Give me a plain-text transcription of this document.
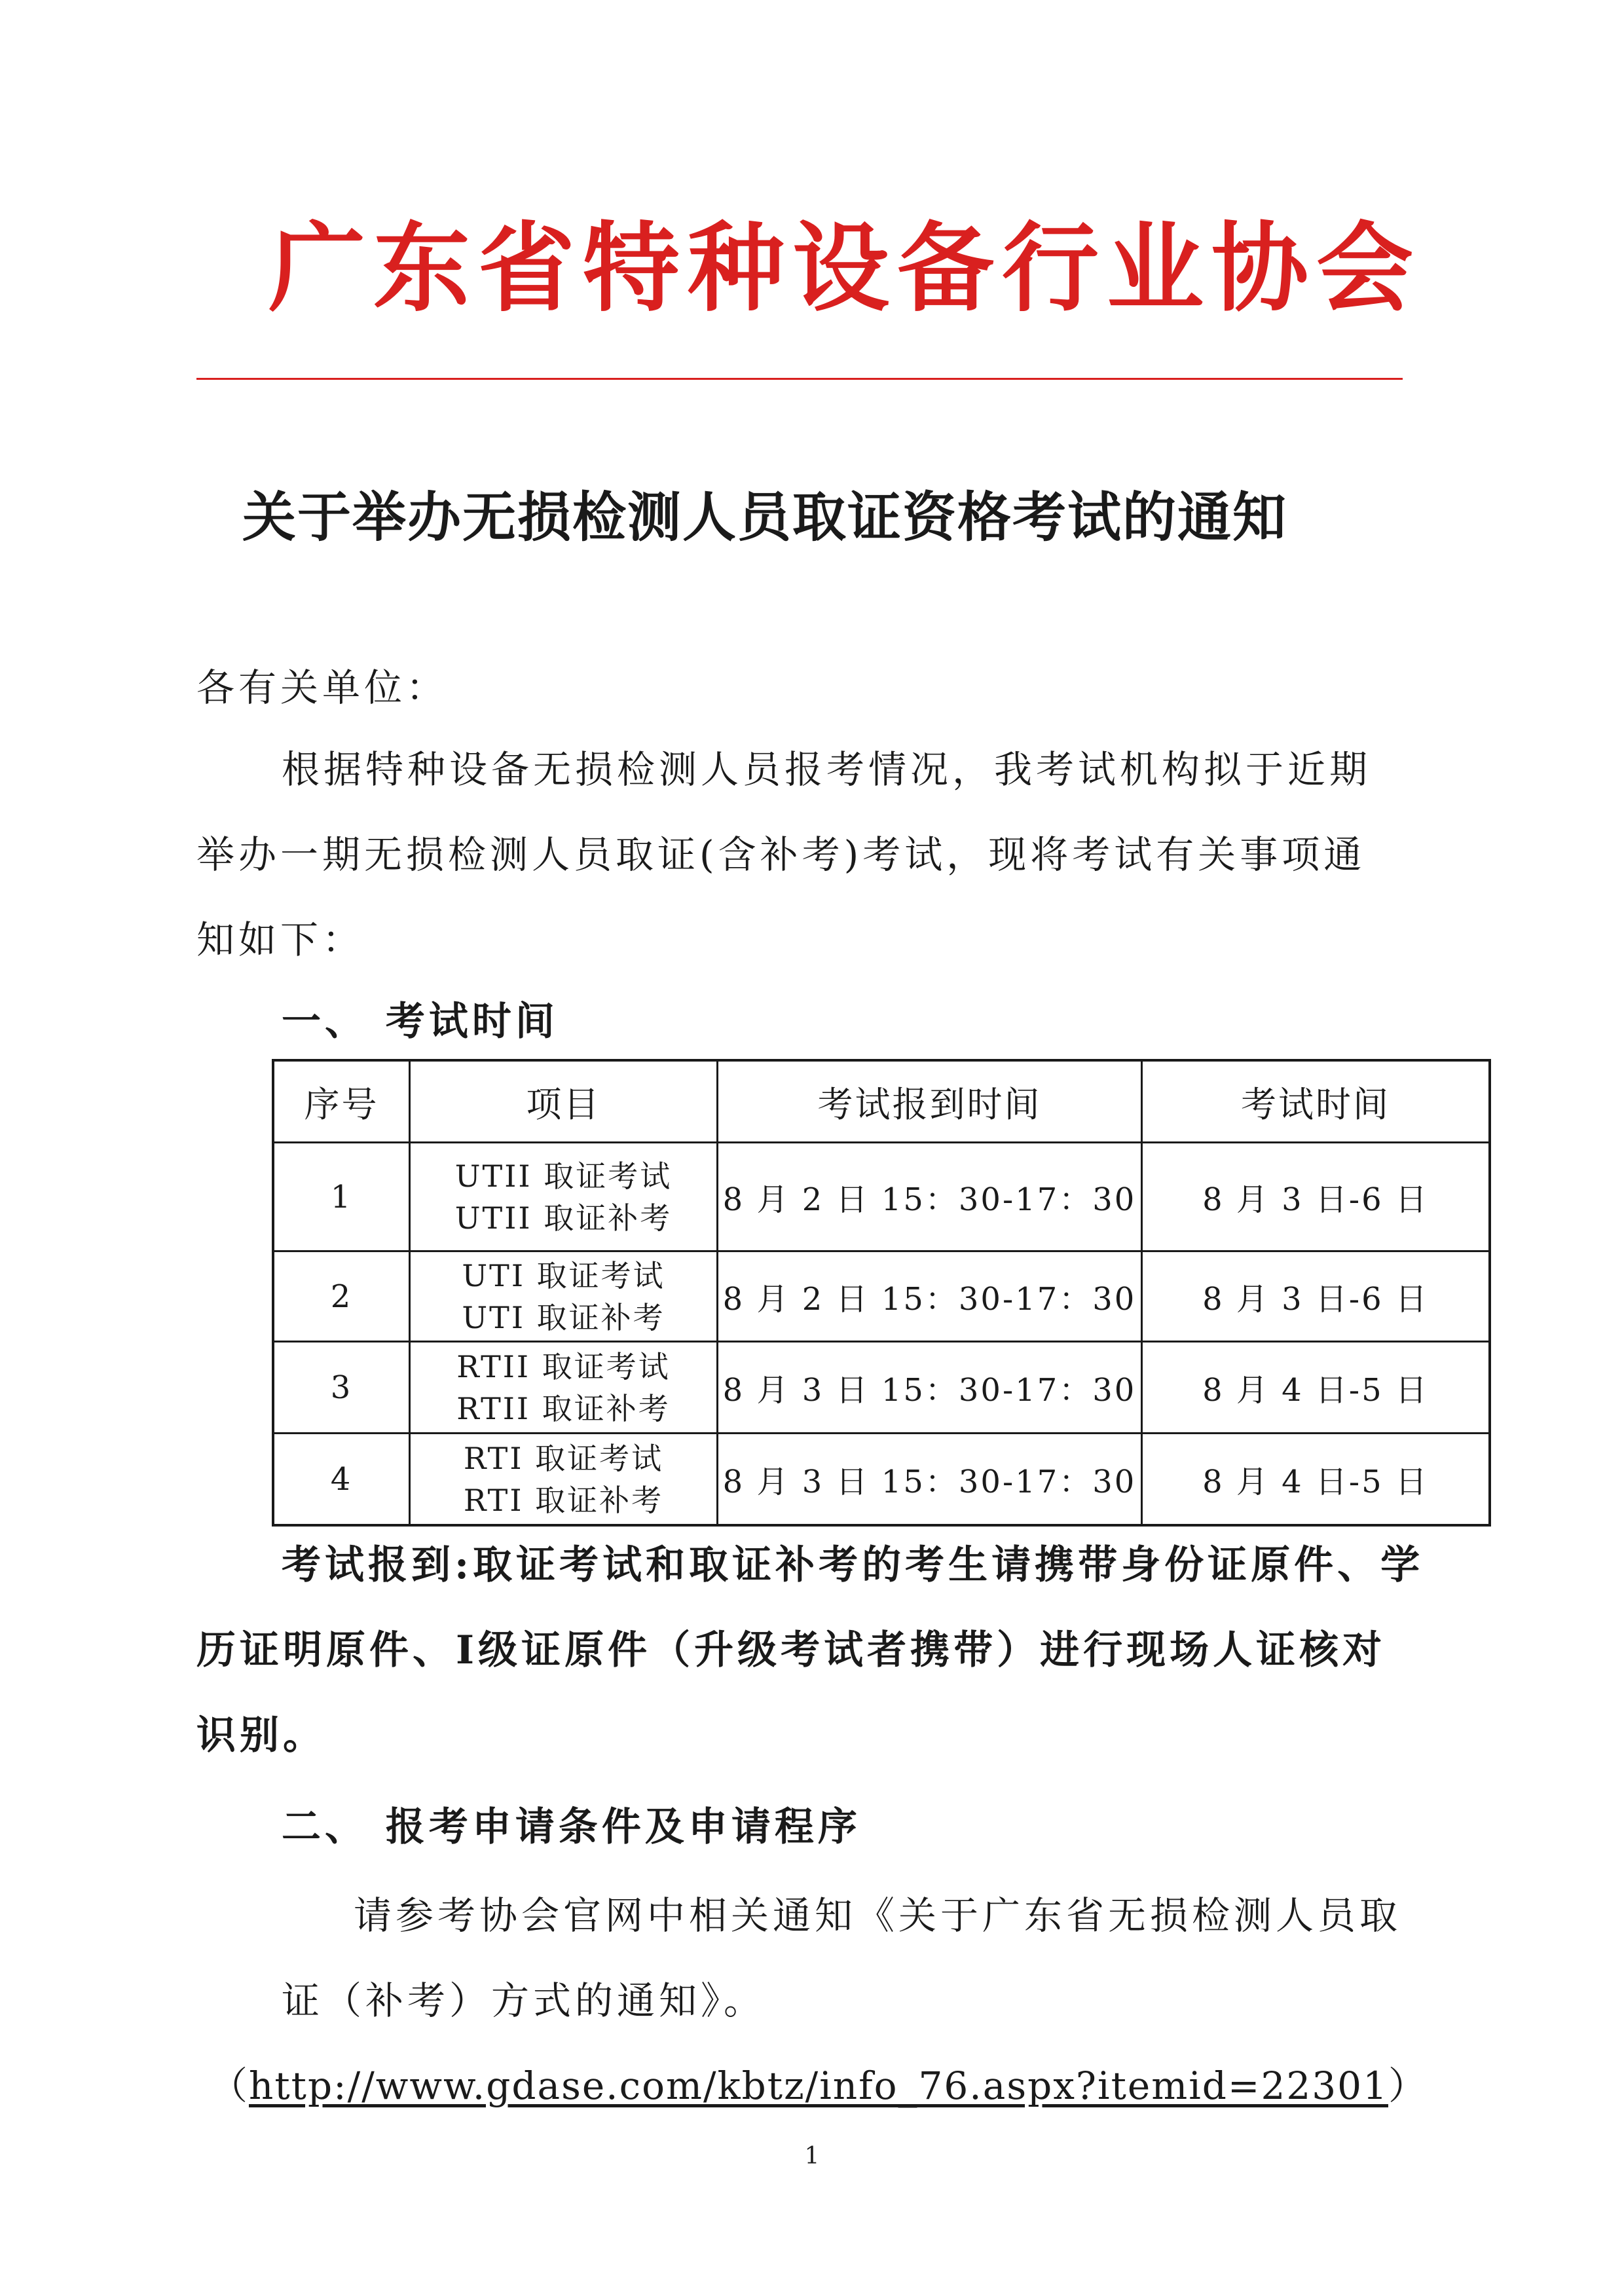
广东省特种设备行业协会
关于举办无损检测人员取证资格考试的通知
各有关单位：
根据特种设备无损检测人员报考情况，我考试机构拟于近期
举办一期无损检测人员取证(含补考)考试，现将考试有关事项通
知如下：
一、 考试时间
序号	项目	考试报到时间	考试时间
1	UTII 取证考试
UTII 取证补考	8 月 2 日 15：30-17：30	8 月 3 日-6 日
2	UTI 取证考试
UTI 取证补考	8 月 2 日 15：30-17：30	8 月 3 日-6 日
3	RTII 取证考试
RTII 取证补考	8 月 3 日 15：30-17：30	8 月 4 日-5 日
4	RTI 取证考试
RTI 取证补考	8 月 3 日 15：30-17：30	8 月 4 日-5 日
考试报到:取证考试和取证补考的考生请携带身份证原件、学
历证明原件、Ⅰ级证原件（升级考试者携带）进行现场人证核对
识别。
二、 报考申请条件及申请程序
请参考协会官网中相关通知《关于广东省无损检测人员取
证（补考）方式的通知》。
（http://www.gdase.com/kbtz/info_76.aspx?itemid=22301）
1
